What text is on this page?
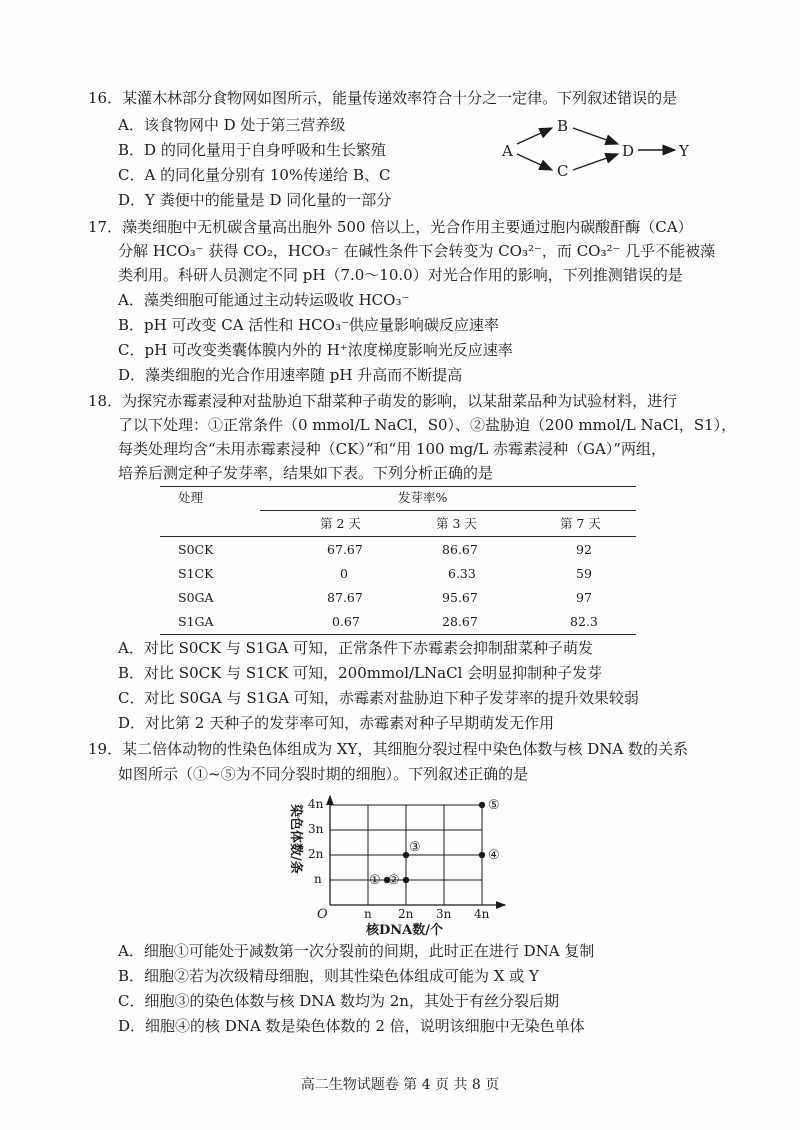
16．某灌木林部分食物网如图所示，能量传递效率符合十分之一定律。下列叙述错误的是
A．该食物网中 D 处于第三营养级
B．D 的同化量用于自身呼吸和生长繁殖
C．A 的同化量分别有 10%传递给 B、C
D．Y 粪便中的能量是 D 同化量的一部分
A
B
C
D	Y
17．藻类细胞中无机碳含量高出胞外 500 倍以上，光合作用主要通过胞内碳酸酐酶（CA）
分解 HCO₃⁻ 获得 CO₂，HCO₃⁻ 在碱性条件下会转变为 CO₃²⁻，而 CO₃²⁻ 几乎不能被藻
类利用。科研人员测定不同 pH（7.0～10.0）对光合作用的影响，下列推测错误的是
A．藻类细胞可能通过主动转运吸收 HCO₃⁻
B．pH 可改变 CA 活性和 HCO₃⁻供应量影响碳反应速率
C．pH 可改变类囊体膜内外的 H⁺浓度梯度影响光反应速率
D．藻类细胞的光合作用速率随 pH 升高而不断提高
18．为探究赤霉素浸种对盐胁迫下甜菜种子萌发的影响，以某甜菜品种为试验材料，进行
了以下处理：①正常条件（0 mmol/L NaCl，S0）、②盐胁迫（200 mmol/L NaCl，S1），
每类处理均含“未用赤霉素浸种（CK）”和“用 100 mg/L 赤霉素浸种（GA）”两组，
培养后测定种子发芽率，结果如下表。下列分析正确的是
处理	发芽率%
第 2 天	第 3 天	第 7 天
S0CK	67.67	86.67	92
S1CK	0	6.33	59
S0GA	87.67	95.67	97
S1GA	0.67	28.67	82.3
A．对比 S0CK 与 S1GA 可知，正常条件下赤霉素会抑制甜菜种子萌发
B．对比 S0CK 与 S1CK 可知，200mmol/LNaCl 会明显抑制种子发芽
C．对比 S0GA 与 S1GA 可知，赤霉素对盐胁迫下种子发芽率的提升效果较弱
D．对比第 2 天种子的发芽率可知，赤霉素对种子早期萌发无作用
19．某二倍体动物的性染色体组成为 XY，其细胞分裂过程中染色体数与核 DNA 数的关系
如图所示（①~⑤为不同分裂时期的细胞）。下列叙述正确的是
O	n 2n 3n 4n
n
2n
3n
4n
核DNA数/个
染色体数/条
① ②
③
④
⑤
A．细胞①可能处于减数第一次分裂前的间期，此时正在进行 DNA 复制
B．细胞②若为次级精母细胞，则其性染色体组成可能为 X 或 Y
C．细胞③的染色体数与核 DNA 数均为 2n，其处于有丝分裂后期
D．细胞④的核 DNA 数是染色体数的 2 倍，说明该细胞中无染色单体
高二生物试题卷 第 4 页 共 8 页
